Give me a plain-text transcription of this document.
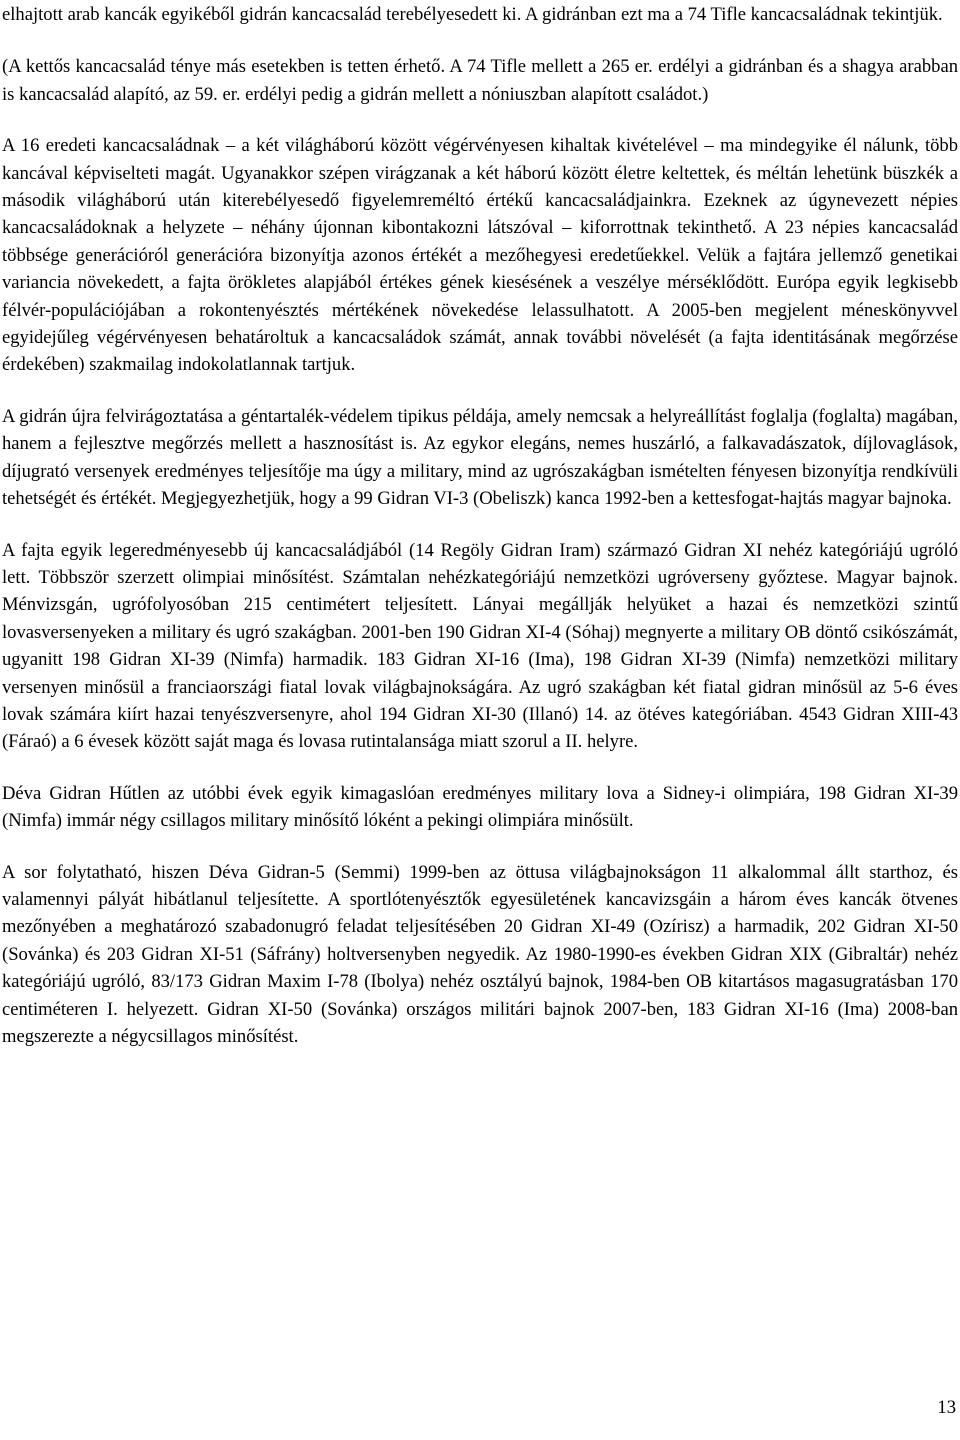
elhajtott arab kancák egyikéből gidrán kancacsalád terebélyesedett ki. A gidránban ezt ma a 74 Tifle kancacsaládnak tekintjük.

(A kettős kancacsalád ténye más esetekben is tetten érhető. A 74 Tifle mellett a 265 er. erdélyi a gidránban és a shagya arabban is kancacsalád alapító, az 59. er. erdélyi pedig a gidrán mellett a nóniuszban alapított családot.)

A 16 eredeti kancacsaládnak – a két világháború között végérvényesen kihaltak kivételével – ma mindegyike él nálunk, több kancával képviselteti magát. Ugyanakkor szépen virágzanak a két háború között életre keltettek, és méltán lehetünk büszkék a második világháború után kiterebélyesedő figyelemreméltó értékű kancacsaládjainkra. Ezeknek az úgynevezett népies kancacsaládoknak a helyzete – néhány újonnan kibontakozni látszóval – kiforrottnak tekinthető. A 23 népies kancacsalád többsége generációról generációra bizonyítja azonos értékét a mezőhegyesi eredetűekkel. Velük a fajtára jellemző genetikai variancia növekedett, a fajta örökletes alapjából értékes gének kiesésének a veszélye mérséklődött. Európa egyik legkisebb félvér-populációjában a rokontenyésztés mértékének növekedése lelassulhatott. A 2005-ben megjelent méneskönyvvel egyidejűleg végérvényesen behatároltuk a kancacsaládok számát, annak további növelését (a fajta identitásának megőrzése érdekében) szakmailag indokolatlannak tartjuk.

A gidrán újra felvirágoztatása a géntartalék-védelem tipikus példája, amely nemcsak a helyreállítást foglalja (foglalta) magában, hanem a fejlesztve megőrzés mellett a hasznosítást is. Az egykor elegáns, nemes huszárló, a falkavadászatok, díjlovaglások, díjugrató versenyek eredményes teljesítője ma úgy a military, mind az ugrószakágban ismételten fényesen bizonyítja rendkívüli tehetségét és értékét. Megjegyezhetjük, hogy a 99 Gidran VI-3 (Obeliszk) kanca 1992-ben a kettesfogat-hajtás magyar bajnoka.

A fajta egyik legeredményesebb új kancacsaládjából (14 Regöly Gidran Iram) származó Gidran XI nehéz kategóriájú ugróló lett. Többször szerzett olimpiai minősítést. Számtalan nehézkategóriájú nemzetközi ugróverseny győztese. Magyar bajnok. Ménvizsgán, ugrófolyosóban 215 centimétert teljesített. Lányai megállják helyüket a hazai és nemzetközi szintű lovasversenyeken a military és ugró szakágban. 2001-ben 190 Gidran XI-4 (Sóhaj) megnyerte a military OB döntő csikószámát, ugyanitt 198 Gidran XI-39 (Nimfa) harmadik. 183 Gidran XI-16 (Ima), 198 Gidran XI-39 (Nimfa) nemzetközi military versenyen minősül a franciaországi fiatal lovak világbajnokságára. Az ugró szakágban két fiatal gidran minősül az 5-6 éves lovak számára kiírt hazai tenyészversenyre, ahol 194 Gidran XI-30 (Illanó) 14. az ötéves kategóriában. 4543 Gidran XIII-43 (Fáraó) a 6 évesek között saját maga és lovasa rutintalansága miatt szorul a II. helyre.

Déva Gidran Hűtlen az utóbbi évek egyik kimagaslóan eredményes military lova a Sidney-i olimpiára, 198 Gidran XI-39 (Nimfa) immár négy csillagos military minősítő lóként a pekingi olimpiára minősült.

A sor folytatható, hiszen Déva Gidran-5 (Semmi) 1999-ben az öttusa világbajnokságon 11 alkalommal állt starthoz, és valamennyi pályát hibátlanul teljesítette. A sportlótenyésztők egyesületének kancavizsgáin a három éves kancák ötvenes mezőnyében a meghatározó szabadonugró feladat teljesítésében 20 Gidran XI-49 (Ozírisz) a harmadik, 202 Gidran XI-50 (Sovánka) és 203 Gidran XI-51 (Sáfrány) holtversenyben negyedik. Az 1980-1990-es években Gidran XIX (Gibraltár) nehéz kategóriájú ugróló, 83/173 Gidran Maxim I-78 (Ibolya) nehéz osztályú bajnok, 1984-ben OB kitartásos magasugratásban 170 centiméteren I. helyezett. Gidran XI-50 (Sovánka) országos militári bajnok 2007-ben, 183 Gidran XI-16 (Ima) 2008-ban megszerezte a négycsillagos minősítést.

13
